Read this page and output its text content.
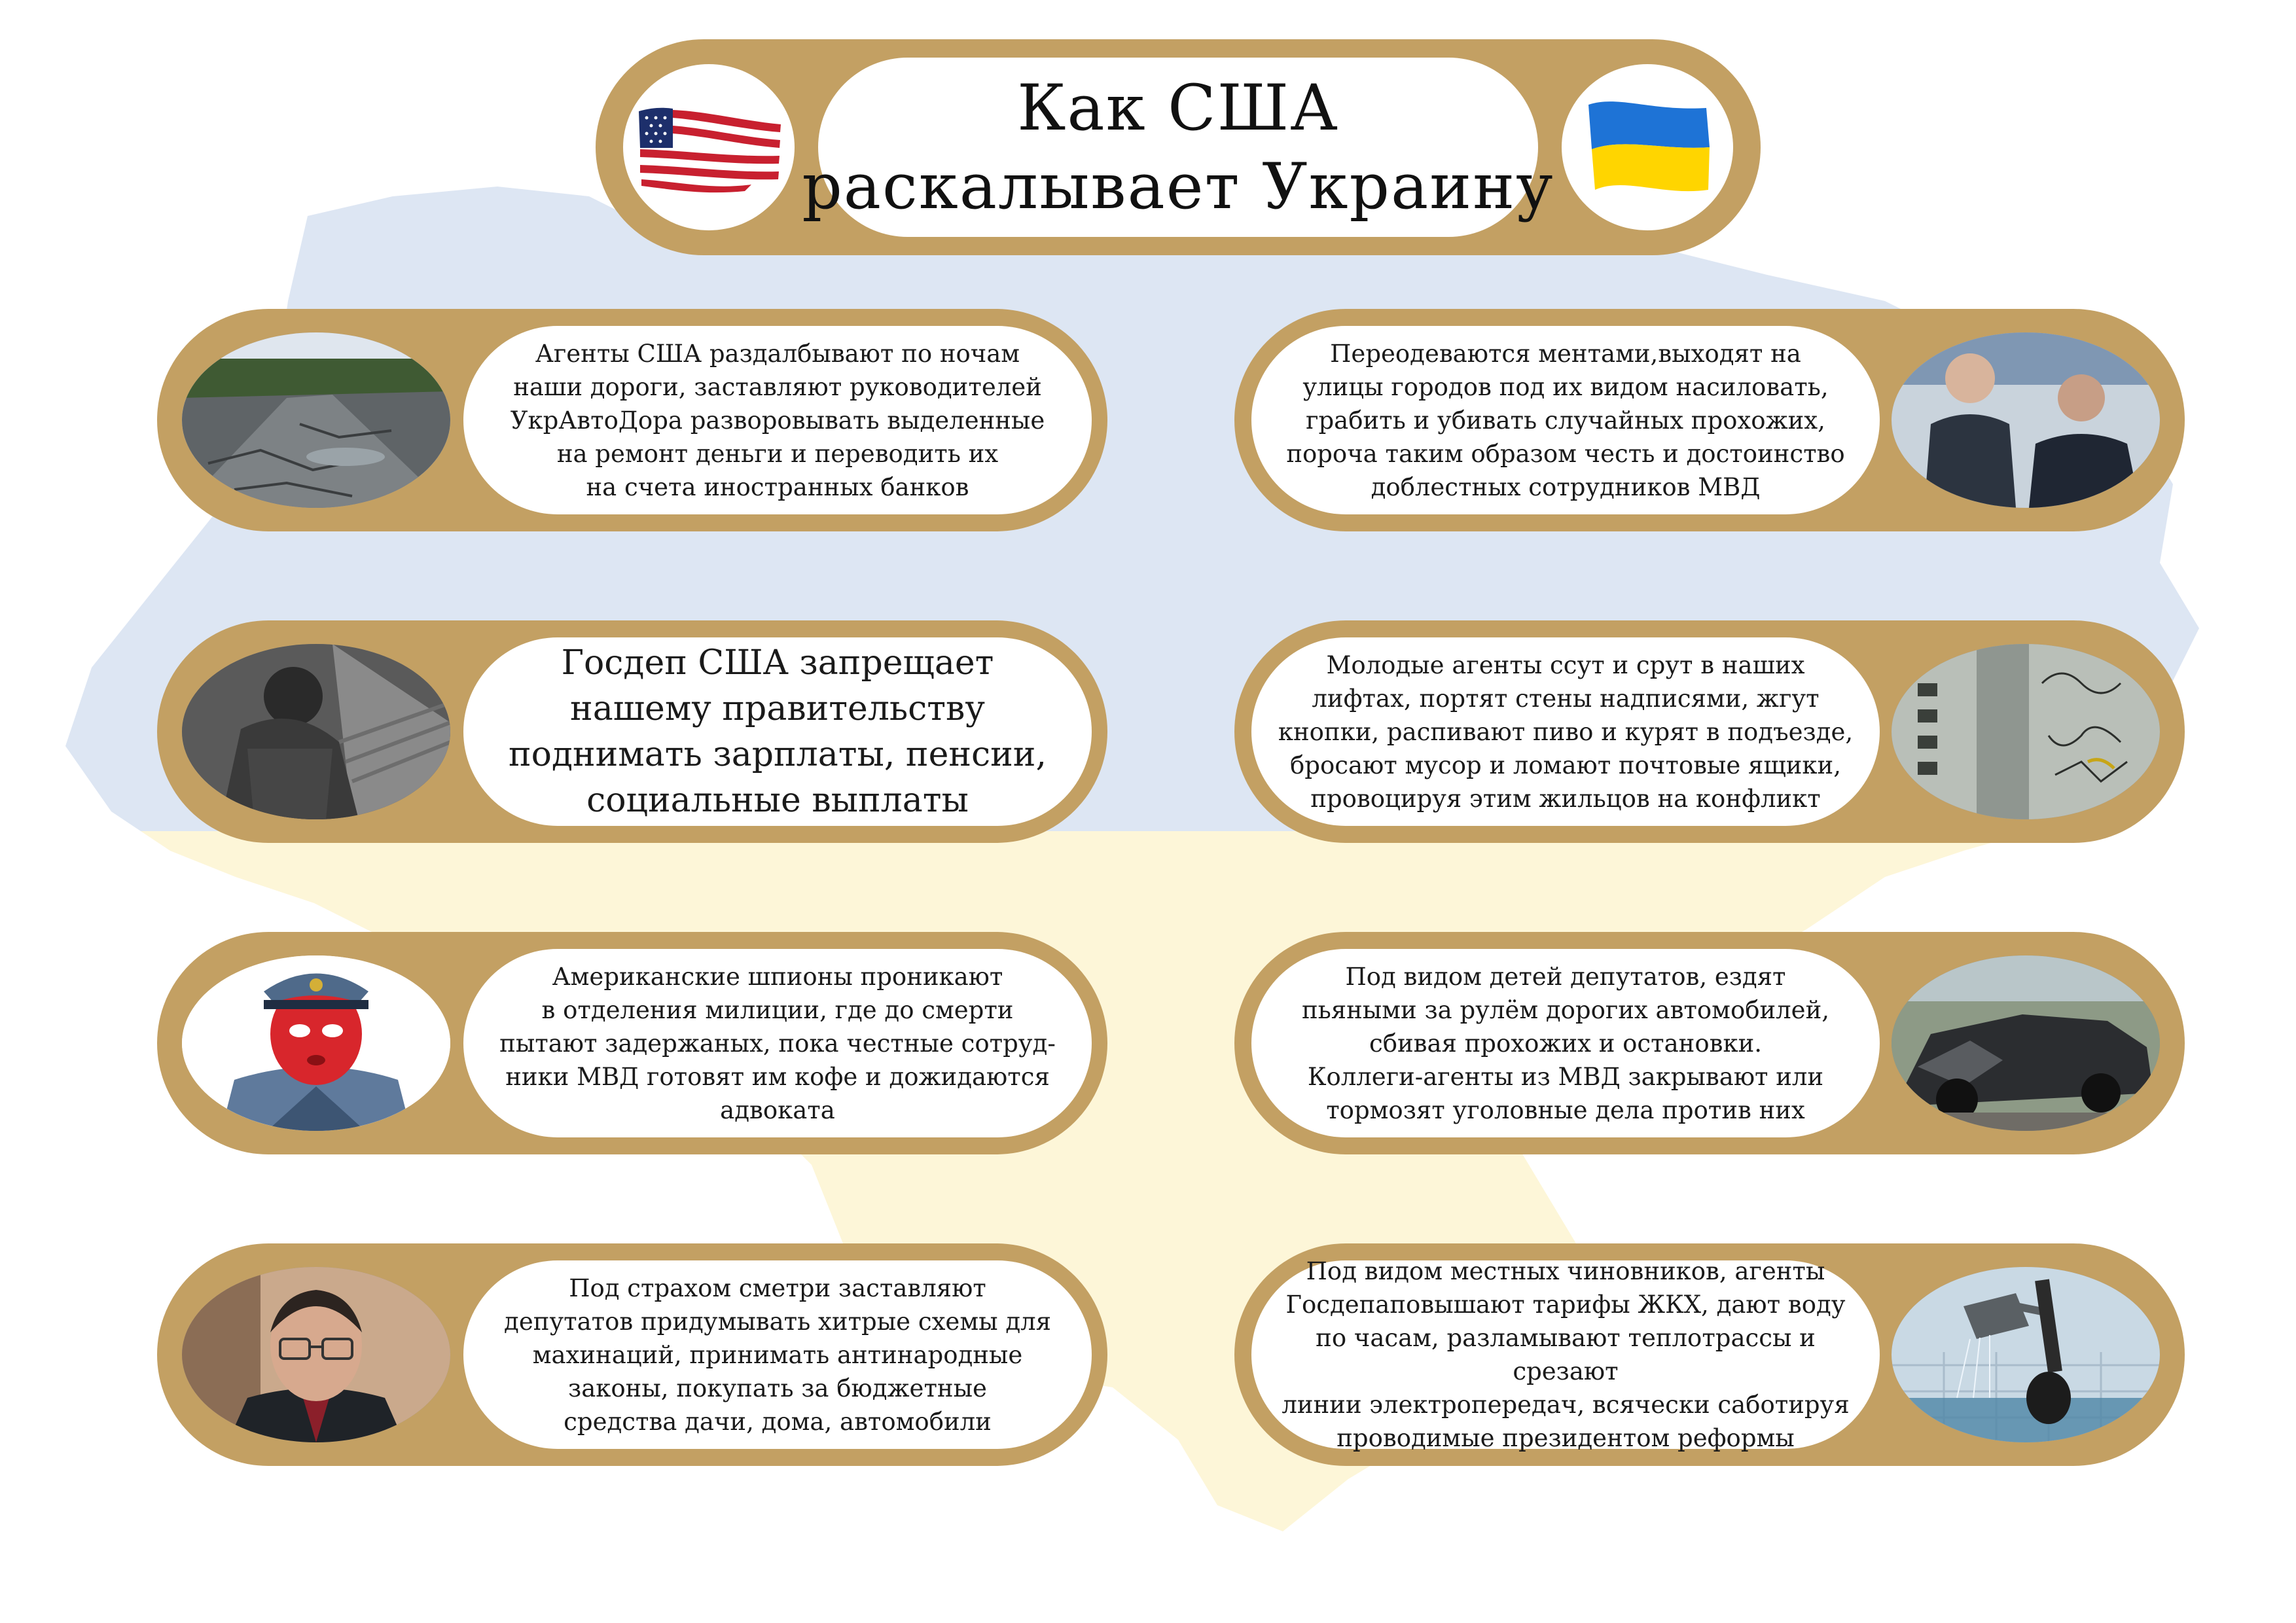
Как США
раскалывает Украину
Агенты США раздалбывают по ночам
наши дороги, заставляют руководителей
УкрАвтоДора разворовывать выделенные
на ремонт деньги и переводить их
на счета иностранных банков
Переодеваются ментами,выходят на
улицы городов под их видом насиловать,
грабить и убивать случайных прохожих,
пороча таким образом честь и достоинство
доблестных сотрудников МВД
Госдеп США запрещает
нашему правительству
поднимать зарплаты, пенсии,
социальные выплаты
Молодые агенты ссут и срут в наших
лифтах, портят стены надписями, жгут
кнопки, распивают пиво и курят в подъезде,
бросают мусор и ломают почтовые ящики,
провоцируя этим жильцов на конфликт
Американские шпионы проникают
в отделения милиции, где до смерти
пытают задержаных, пока честные сотруд-
ники МВД готовят им кофе и дожидаются
адвоката
Под видом детей депутатов, ездят
пьяными за рулём дорогих автомобилей,
сбивая прохожих и остановки.
Коллеги-агенты из МВД закрывают или
тормозят уголовные дела против них
Под страхом сметри заставляют
депутатов придумывать хитрые схемы для
махинаций, принимать антинародные
законы, покупать за бюджетные
средства дачи, дома, автомобили
Под видом местных чиновников, агенты
Госдепаповышают тарифы ЖКХ, дают воду
по часам, разламывают теплотрассы и срезают
линии электропередач, всячески саботируя
проводимые президентом реформы
